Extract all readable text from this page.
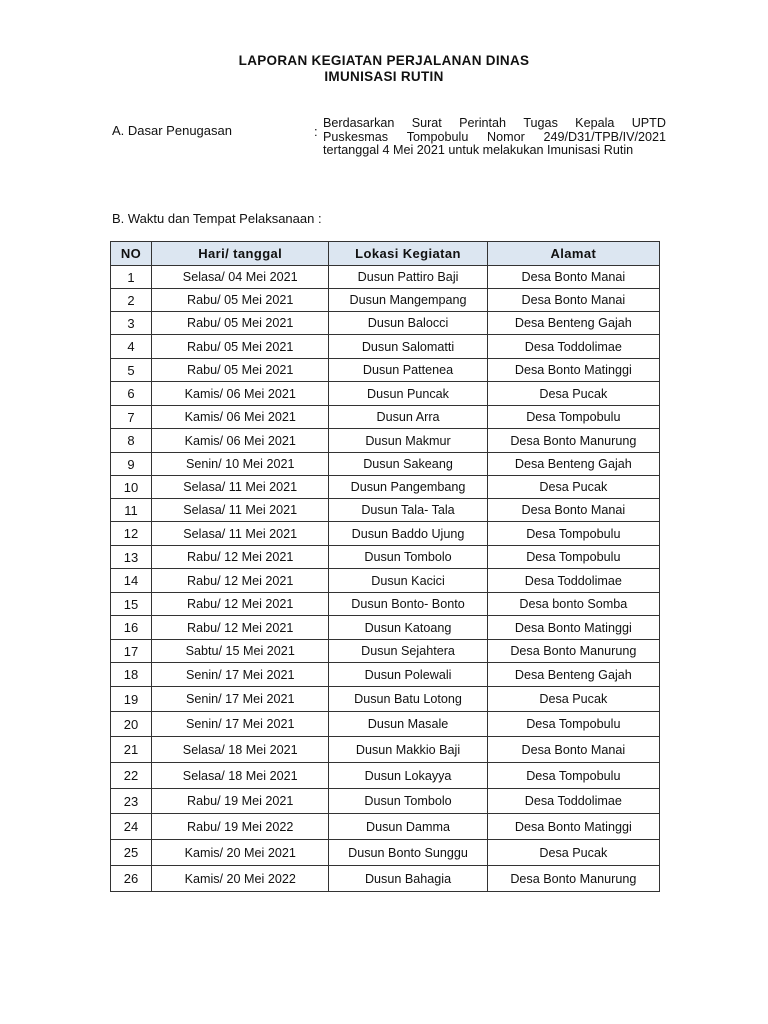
LAPORAN KEGIATAN PERJALANAN DINAS
IMUNISASI RUTIN
A. Dasar Penugasan	:
Berdasarkan Surat Perintah Tugas Kepala UPTD
Puskesmas Tompobulu Nomor 249/D31/TPB/IV/2021
tertanggal 4 Mei 2021 untuk melakukan Imunisasi Rutin
B. Waktu dan Tempat Pelaksanaan :
NO	Hari/ tanggal	Lokasi Kegiatan	Alamat
1	Selasa/ 04 Mei 2021	Dusun Pattiro Baji	Desa Bonto Manai
2	Rabu/ 05 Mei 2021	Dusun Mangempang	Desa Bonto Manai
3	Rabu/ 05 Mei 2021	Dusun Balocci	Desa Benteng Gajah
4	Rabu/ 05 Mei 2021	Dusun Salomatti	Desa Toddolimae
5	Rabu/ 05 Mei 2021	Dusun Pattenea	Desa Bonto Matinggi
6	Kamis/ 06 Mei 2021	Dusun Puncak	Desa Pucak
7	Kamis/ 06 Mei 2021	Dusun Arra	Desa Tompobulu
8	Kamis/ 06 Mei 2021	Dusun Makmur	Desa Bonto Manurung
9	Senin/ 10 Mei 2021	Dusun Sakeang	Desa Benteng Gajah
10	Selasa/ 11 Mei 2021	Dusun Pangembang	Desa Pucak
11	Selasa/ 11 Mei 2021	Dusun Tala- Tala	Desa Bonto Manai
12	Selasa/ 11 Mei 2021	Dusun Baddo Ujung	Desa Tompobulu
13	Rabu/ 12 Mei 2021	Dusun Tombolo	Desa Tompobulu
14	Rabu/ 12 Mei 2021	Dusun Kacici	Desa Toddolimae
15	Rabu/ 12 Mei 2021	Dusun Bonto- Bonto	Desa bonto Somba
16	Rabu/ 12 Mei 2021	Dusun Katoang	Desa Bonto Matinggi
17	Sabtu/ 15 Mei 2021	Dusun Sejahtera	Desa Bonto Manurung
18	Senin/ 17 Mei 2021	Dusun Polewali	Desa Benteng Gajah
19	Senin/ 17 Mei 2021	Dusun Batu Lotong	Desa Pucak
20	Senin/ 17 Mei 2021	Dusun Masale	Desa Tompobulu
21	Selasa/ 18 Mei 2021	Dusun Makkio Baji	Desa Bonto Manai
22	Selasa/ 18 Mei 2021	Dusun Lokayya	Desa Tompobulu
23	Rabu/ 19 Mei 2021	Dusun Tombolo	Desa Toddolimae
24	Rabu/ 19 Mei 2022	Dusun Damma	Desa Bonto Matinggi
25	Kamis/ 20 Mei 2021	Dusun Bonto Sunggu	Desa Pucak
26	Kamis/ 20 Mei 2022	Dusun Bahagia	Desa Bonto Manurung
